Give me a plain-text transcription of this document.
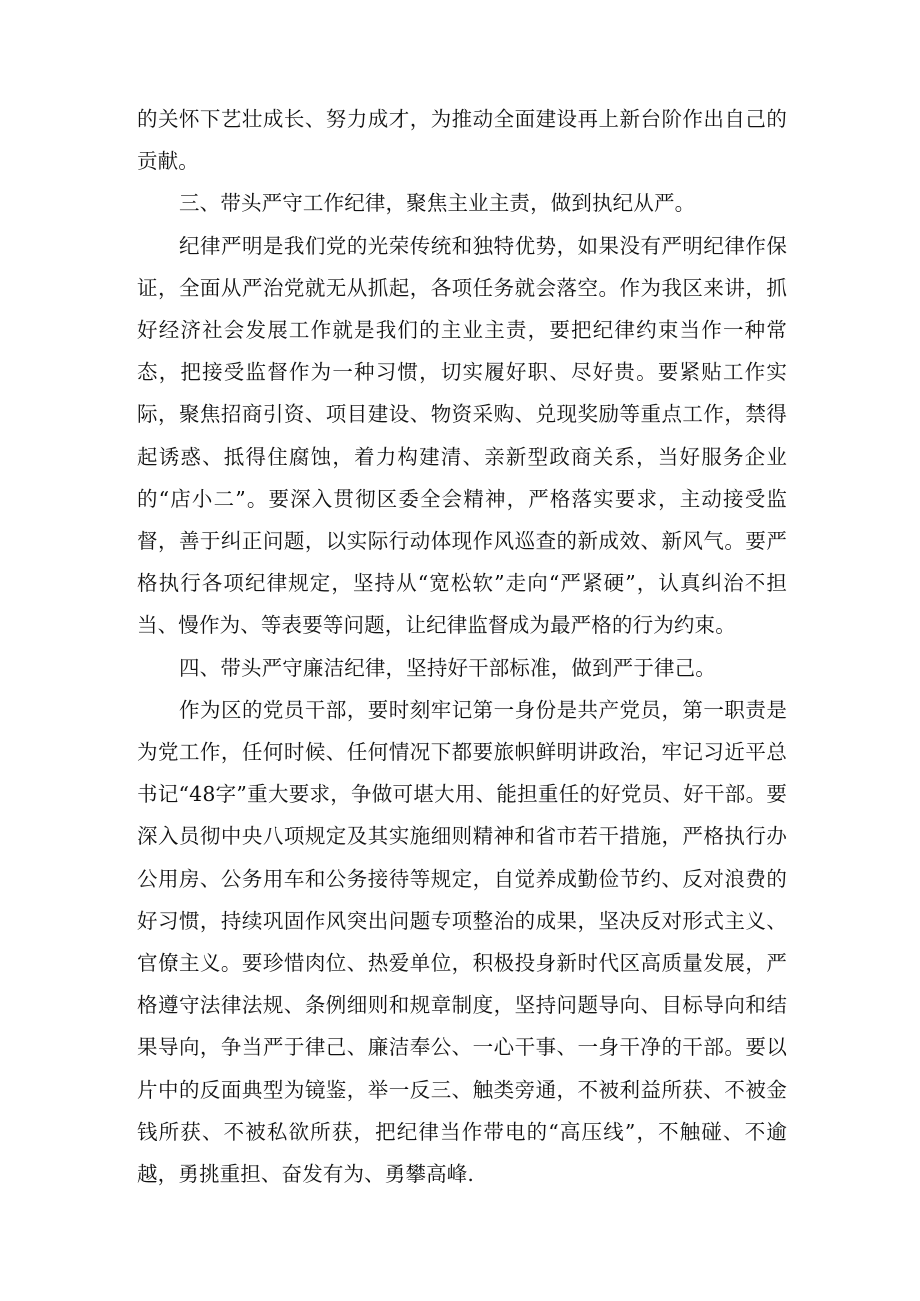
的关怀下艺壮成长、努力成才，为推动全面建设再上新台阶作出自己的贡献。

三、带头严守工作纪律，聚焦主业主责，做到执纪从严。

纪律严明是我们党的光荣传统和独特优势，如果没有严明纪律作保证，全面从严治党就无从抓起，各项任务就会落空。作为我区来讲，抓好经济社会发展工作就是我们的主业主责，要把纪律约束当作一种常态，把接受监督作为一种习惯，切实履好职、尽好贵。要紧贴工作实际，聚焦招商引资、项目建设、物资采购、兑现奖励等重点工作，禁得起诱惑、抵得住腐蚀，着力构建清、亲新型政商关系，当好服务企业的“店小二”。要深入贯彻区委全会精神，严格落实要求，主动接受监督，善于纠正问题，以实际行动体现作风巡查的新成效、新风气。要严格执行各项纪律规定，坚持从“宽松软”走向“严紧硬”，认真纠治不担当、慢作为、等表要等问题，让纪律监督成为最严格的行为约束。

四、带头严守廉洁纪律，坚持好干部标准，做到严于律己。

作为区的党员干部，要时刻牢记第一身份是共产党员，第一职责是为党工作，任何时候、任何情况下都要旅帜鲜明讲政治，牢记习近平总书记“48字”重大要求，争做可堪大用、能担重任的好党员、好干部。要深入员彻中央八项规定及其实施细则精神和省市若干措施，严格执行办公用房、公务用车和公务接待等规定，自觉养成勤俭节约、反对浪费的好习惯，持续巩固作风突出问题专项整治的成果，坚决反对形式主义、官僚主义。要珍惜肉位、热爱单位，积极投身新时代区高质量发展，严格遵守法律法规、条例细则和规章制度，坚持问题导向、目标导向和结果导向，争当严于律己、廉洁奉公、一心干事、一身干净的干部。要以片中的反面典型为镜鉴，举一反三、触类旁通，不被利益所获、不被金钱所获、不被私欲所获，把纪律当作带电的“高压线”，不触碰、不逾越，勇挑重担、奋发有为、勇攀高峰.
